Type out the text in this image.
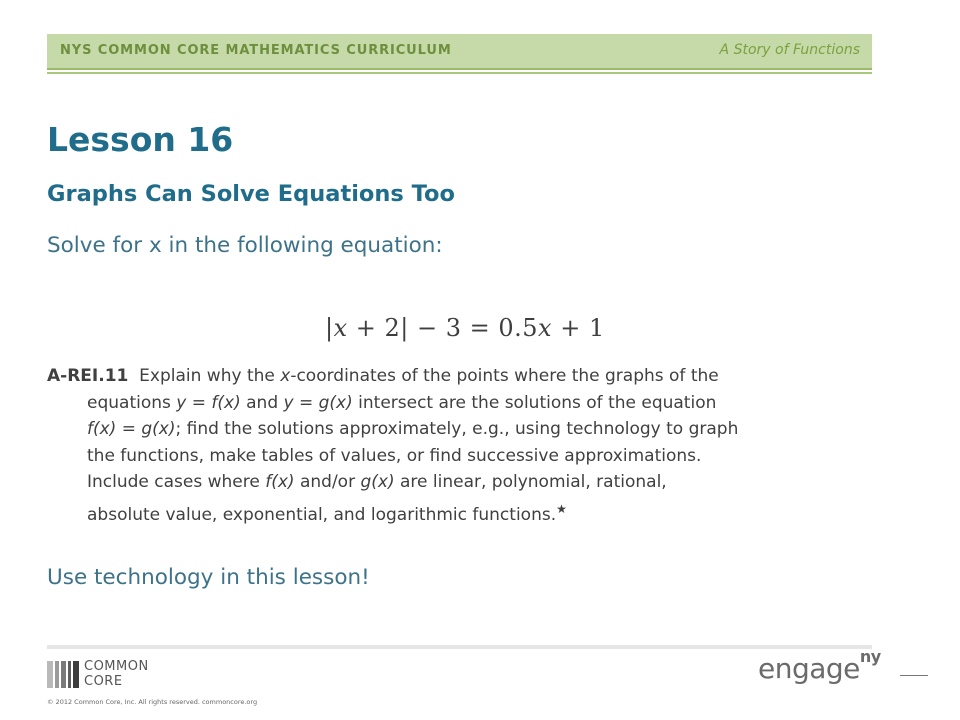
NYS COMMON CORE MATHEMATICS CURRICULUM	A Story of Functions
Lesson 16
Graphs Can Solve Equations Too
Solve for x in the following equation:
|x + 2| − 3 = 0.5x + 1
A-REI.11  Explain why the x-coordinates of the points where the graphs of the
equations y = f(x) and y = g(x) intersect are the solutions of the equation
f(x) = g(x); find the solutions approximately, e.g., using technology to graph
the functions, make tables of values, or find successive approximations.
Include cases where f(x) and/or g(x) are linear, polynomial, rational,
absolute value, exponential, and logarithmic functions.★
Use technology in this lesson!
COMMON
CORE
© 2012 Common Core, Inc. All rights reserved. commoncore.org
engage$^{ny}$
